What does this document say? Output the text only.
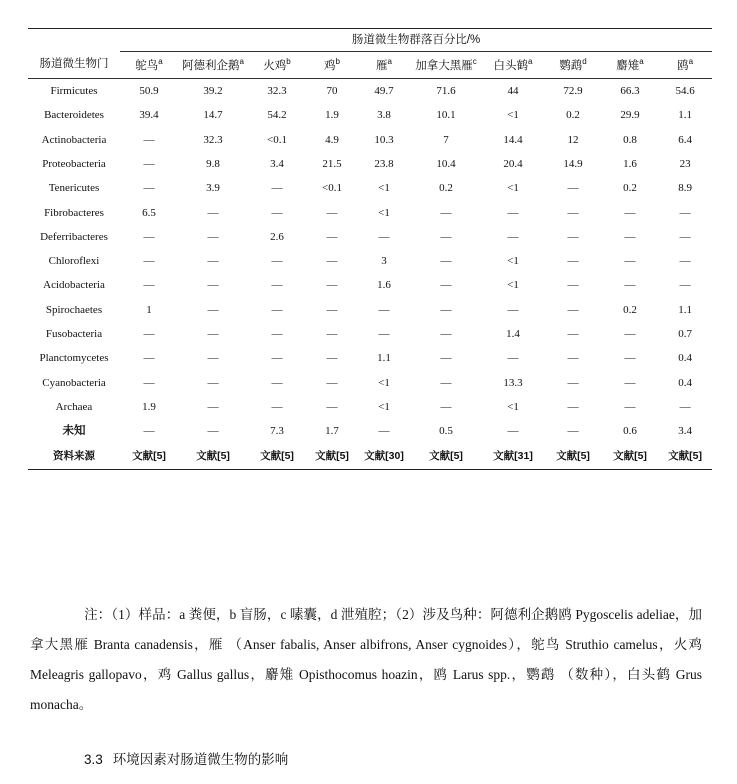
	肠道微生物群落百分比/%									
肠道微生物门	鸵鸟$^a$	阿德利企鹅$^a$	火鸡$^b$	鸡$^b$	雁$^a$	加拿大黑雁$^c$	白头鹤$^a$	鹦鹉$^d$	麝雉$^a$	鸥$^a$
Firmicutes	50.9	39.2	32.3	70	49.7	71.6	44	72.9	66.3	54.6
Bacteroidetes	39.4	14.7	54.2	1.9	3.8	10.1	<1	0.2	29.9	1.1
Actinobacteria	—	32.3	<0.1	4.9	10.3	7	14.4	12	0.8	6.4
Proteobacteria	—	9.8	3.4	21.5	23.8	10.4	20.4	14.9	1.6	23
Tenericutes	—	3.9	—	<0.1	<1	0.2	<1	—	0.2	8.9
Fibrobacteres	6.5	—	—	—	<1	—	—	—	—	—
Deferribacteres	—	—	2.6	—	—	—	—	—	—	—
Chloroflexi	—	—	—	—	3	—	<1	—	—	—
Acidobacteria	—	—	—	—	1.6	—	<1	—	—	—
Spirochaetes	1	—	—	—	—	—	—	—	0.2	1.1
Fusobacteria	—	—	—	—	—	—	1.4	—	—	0.7
Planctomycetes	—	—	—	—	1.1	—	—	—	—	0.4
Cyanobacteria	—	—	—	—	<1	—	13.3	—	—	0.4
Archaea	1.9	—	—	—	<1	—	<1	—	—	—
未知	—	—	7.3	1.7	—	0.5	—	—	0.6	3.4
资料来源	文献[5]	文献[5]	文献[5]	文献[5]	文献[30]	文献[5]	文献[31]	文献[5]	文献[5]	文献[5]
注：（1）样品：a 粪便，b 盲肠，c 嗉囊，d 泄殖腔；（2）涉及鸟种：阿德利企鹅鸥 Pygoscelis adeliae，加拿大黑雁 Branta canadensis，雁 （Anser fabalis, Anser albifrons, Anser cygnoides），鸵鸟 Struthio camelus，火鸡 Meleagris gallopavo，鸡 Gallus gallus，麝雉 Opisthocomus hoazin，鸥 Larus spp.，鹦鹉 （数种），白头鹤 Grus monacha。
3.3 环境因素对肠道微生物的影响
